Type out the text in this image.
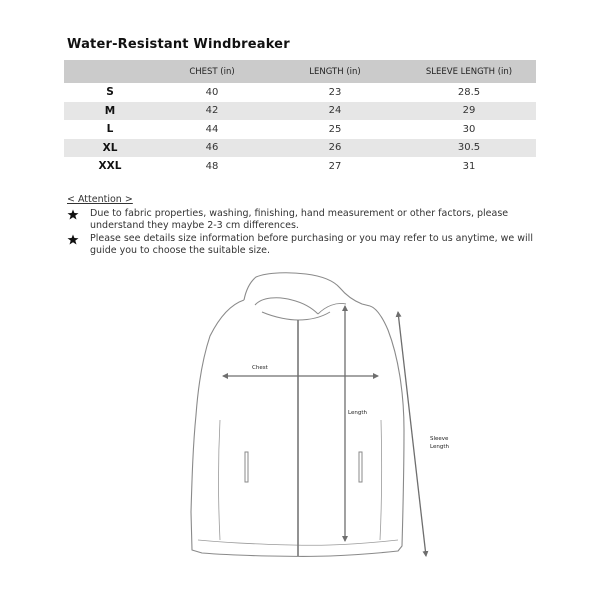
Water-Resistant Windbreaker
	CHEST (in)	LENGTH (in)	SLEEVE LENGTH (in)
S	40	23	28.5
M	42	24	29
L	44	25	30
XL	46	26	30.5
XXL	48	27	31
< Attention >
Due to fabric properties, washing, finishing, hand measurement or other factors, please understand they maybe 2-3 cm differences.
Please see details size information before purchasing or you may refer to us anytime, we will guide you to choose the suitable size.
Chest
Length
Sleeve
Length
